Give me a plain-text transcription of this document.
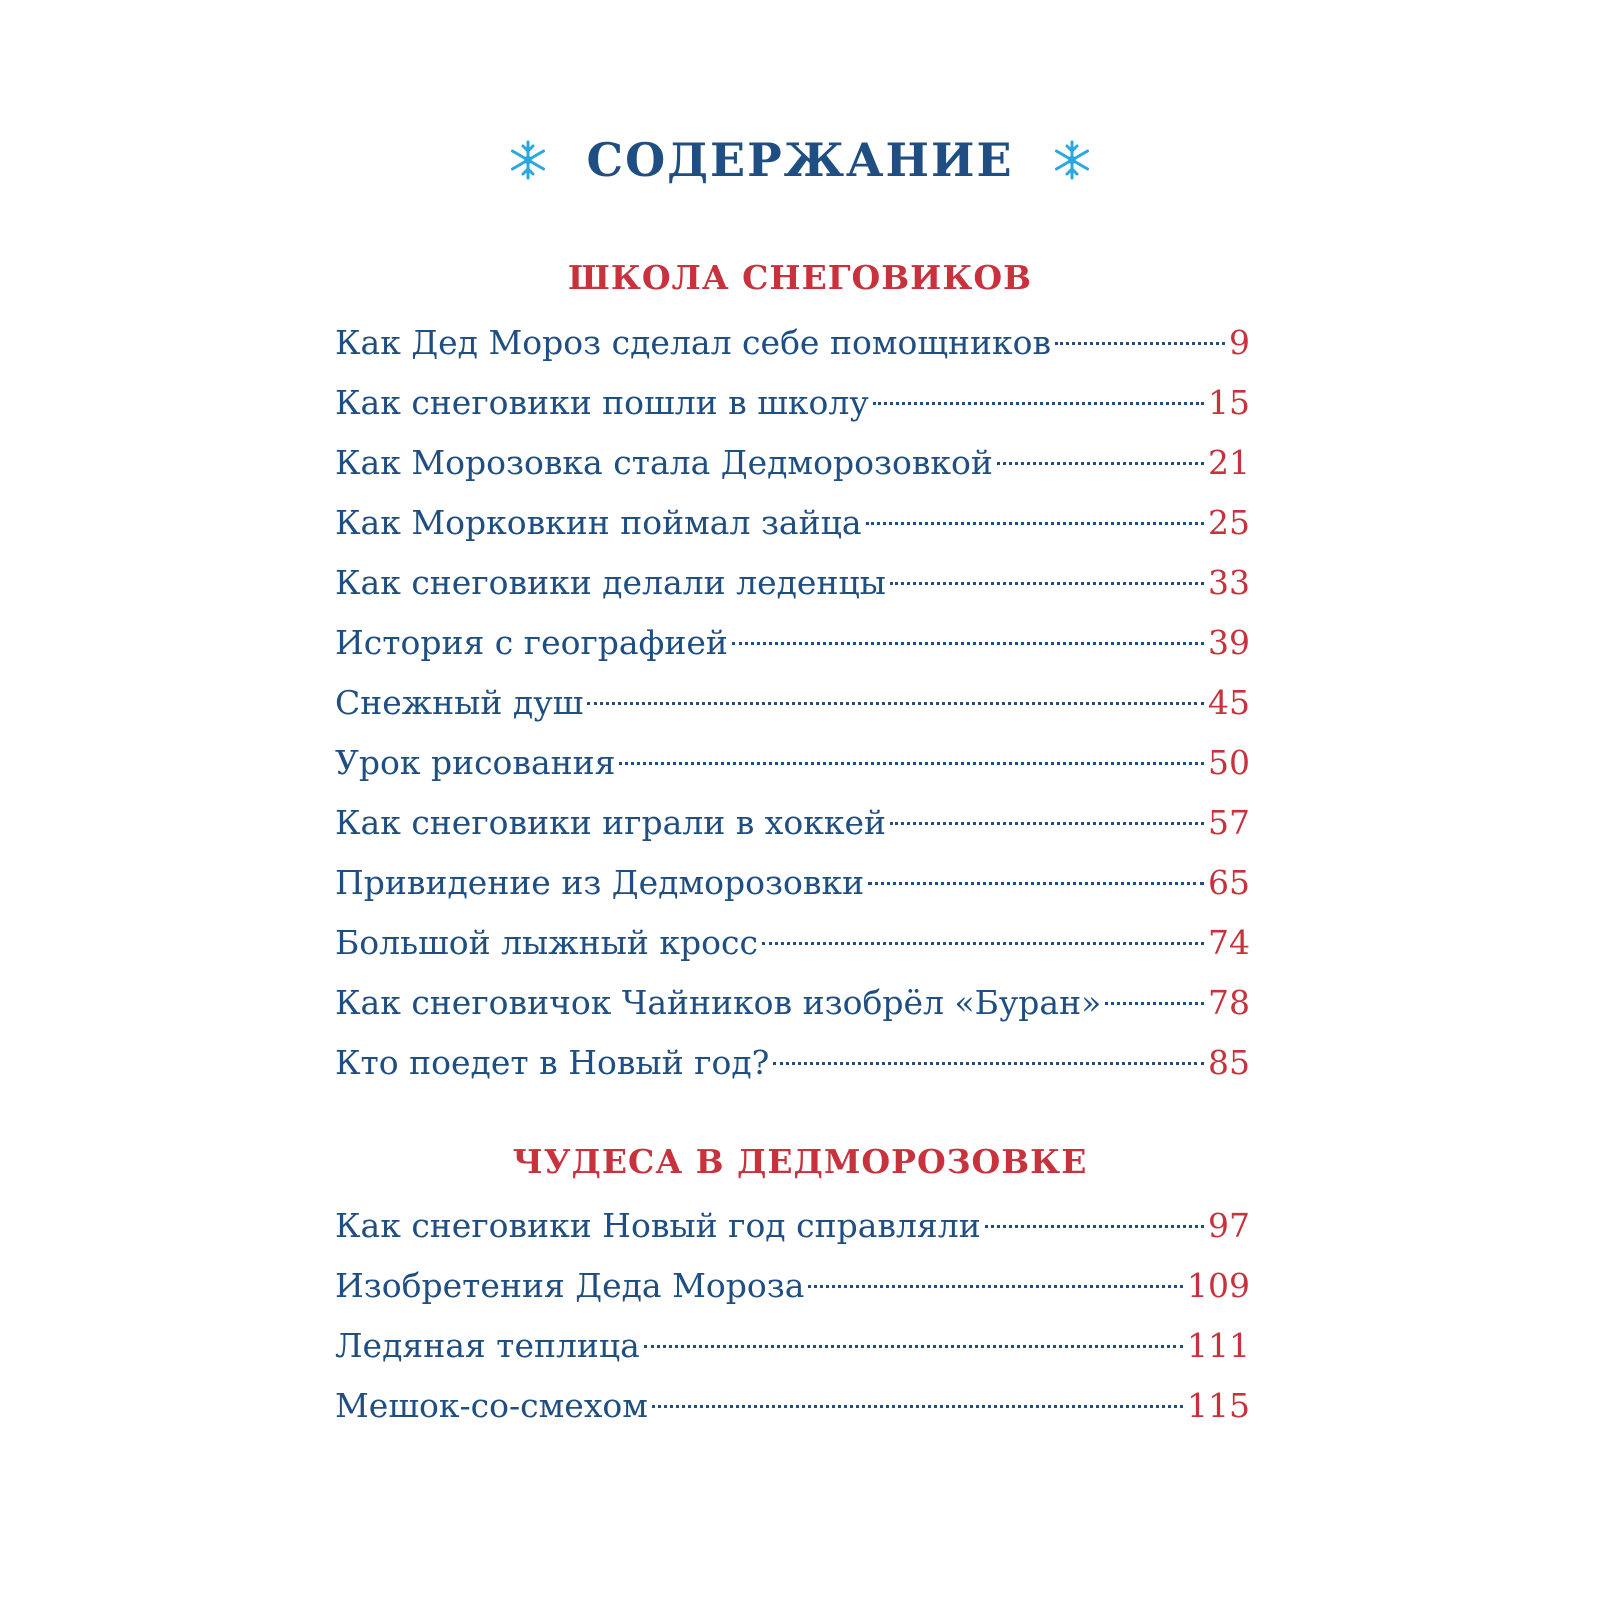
СОДЕРЖАНИЕ
ШКОЛА СНЕГОВИКОВ
Как Дед Мороз сделал себе помощников	9
Как снеговики пошли в школу	15
Как Морозовка стала Дедморозовкой	21
Как Морковкин поймал зайца	25
Как снеговики делали леденцы	33
История с географией	39
Снежный душ	45
Урок рисования	50
Как снеговики играли в хоккей	57
Привидение из Дедморозовки	65
Большой лыжный кросс	74
Как снеговичок Чайников изобрёл «Буран»	78
Кто поедет в Новый год?	85
ЧУДЕСА В ДЕДМОРОЗОВКЕ
Как снеговики Новый год справляли	97
Изобретения Деда Мороза	109
Ледяная теплица	111
Мешок-со-смехом	115
